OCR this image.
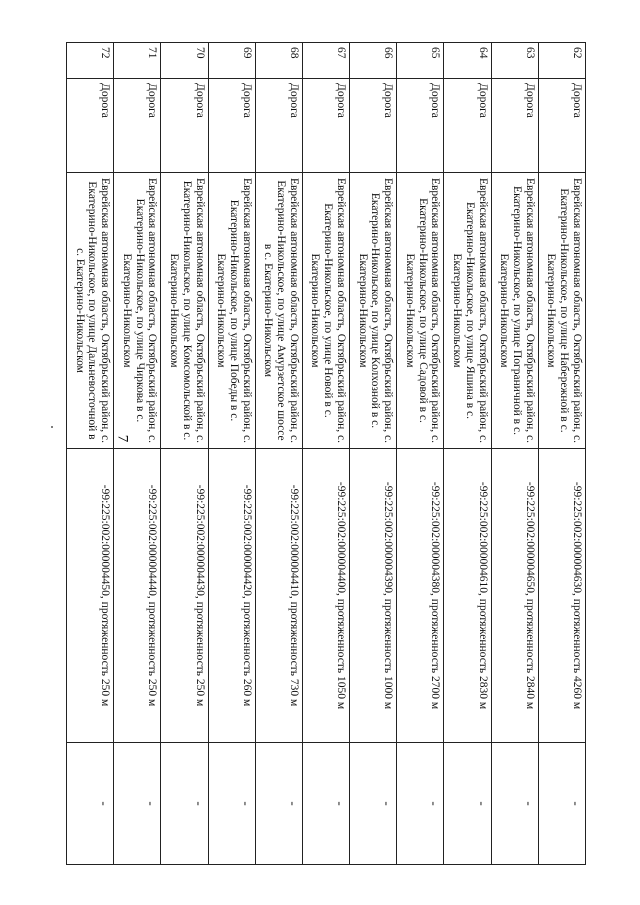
7
62	Дорога	Еврейская автономная область, Октябрьский район, с. Екатерино-Никольское, по улице Набережной в с. Екатерино-Никольском	-99:225:002:000004630, протяженность 4260 м	-
63	Дорога	Еврейская автономная область, Октябрьский район, с. Екатерино-Никольское, по улице Пограничной в с. Екатерино-Никольском	-99:225:002:000004650, протяженность 2840 м	-
64	Дорога	Еврейская автономная область, Октябрьский район, с. Екатерино-Никольское, по улице Яшина в с. Екатерино-Никольском	-99:225:002:000004610, протяженность 2830 м	-
65	Дорога	Еврейская автономная область, Октябрьский район, с. Екатерино-Никольское, по улице Садовой в с. Екатерино-Никольском	-99:225:002:000004380, протяженность 2700 м	-
66	Дорога	Еврейская автономная область, Октябрьский район, с. Екатерино-Никольское, по улице Колхозной в с. Екатерино-Никольском	-99:225:002:000004390, протяженность 1000 м	-
67	Дорога	Еврейская автономная область, Октябрьский район, с. Екатерино-Никольское, по улице Новой в с. Екатерино-Никольском	-99:225:002:000004400, протяженность 1050 м	-
68	Дорога	Еврейская автономная область, Октябрьский район, с. Екатерино-Никольское, по улице Амурзетское шоссе в с. Екатерино-Никольском	-99:225:002:000004410, протяженность 730 м	-
69	Дорога	Еврейская автономная область, Октябрьский район, с. Екатерино-Никольское, по улице Победы в с. Екатерино-Никольском	-99:225:002:000004420, протяженность 260 м	-
70	Дорога	Еврейская автономная область, Октябрьский район, с. Екатерино-Никольское, по улице Комсомольской в с. Екатерино-Никольском	-99:225:002:000004430, протяженность 250 м	-
71	Дорога	Еврейская автономная область, Октябрьский район, с. Екатерино-Никольское, по улице Чиркова в с. Екатерино-Никольском	-99:225:002:000004440, протяженность 250 м	-
72	Дорога	Еврейская автономная область, Октябрьский район, с. Екатерино-Никольское, по улице Дальневосточной в с. Екатерино-Никольском	-99:225:002:000004450, протяженность 250 м	-
